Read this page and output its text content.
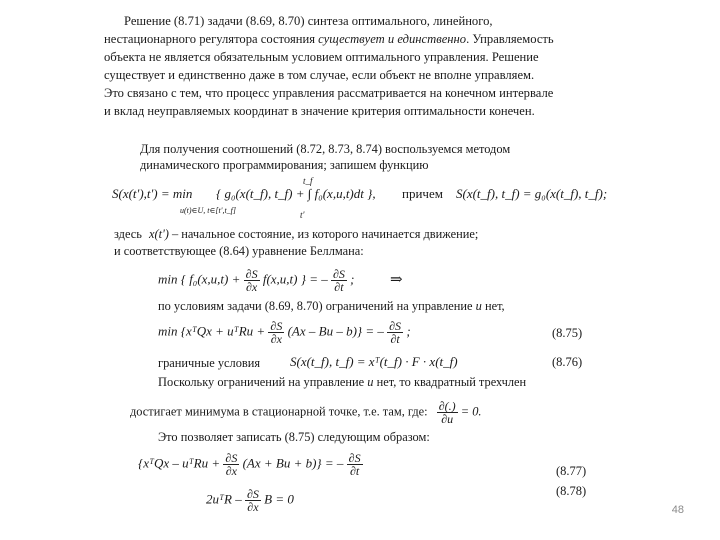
Решение (8.71) задачи (8.69, 8.70) синтеза оптимального, линейного,
нестационарного регулятора состояния существует и единственно. Управляемость
объекта не является обязательным условием оптимального управления. Решение
существует и единственно даже в том случае, если объект не вполне управляем.
Это связано с тем, что процесс управления рассматривается на конечном интервале
и вклад неуправляемых координат в значение критерия оптимальности конечен.
Для получения соотношений (8.72, 8.73, 8.74) воспользуемся методом
динамического программирования; запишем функцию
S(x(t'),t') = min
u(t)∈U, t∈[t',t_f]
t_f
t'
{ g₀(x(t_f), t_f) + ∫ f₀(x,u,t)dt }, причем S(x(t_f), t_f) = g₀(x(t_f), t_f);
здесь x(t') – начальное состояние, из которого начинается движение;
и соответствующее (8.64) уравнение Беллмана:
min { $f_0(x,u,t) + \frac{\partial S}{\partial x} f(x,u,t)$ } = – $\frac{\partial S}{\partial t}$ ; ⇒
по условиям задачи (8.69, 8.70) ограничений на управление u нет,
min {xᵀQx + uᵀRu + $\frac{\partial S}{\partial x} (Ax$ – Bu – b)} = – $\frac{\partial S}{\partial t}$ ;	(8.75)
граничные условия S(x(t_f), t_f) = xᵀ(t_f) · F · x(t_f)	(8.76)
Поскольку ограничений на управление u нет, то квадратный трехчлен
достигает минимума в стационарной точке, т.е. там, где: $\frac{\partial(.)}{\partial u} = 0$.
Это позволяет записать (8.75) следующим образом:
{xᵀQx – uᵀRu + $\frac{\partial S}{\partial x} (Ax + Bu + b)$} = – $\frac{\partial S}{\partial t}$	(8.77)
2uᵀR – $\frac{\partial S}{\partial x}$ B = 0
(8.78)
48
